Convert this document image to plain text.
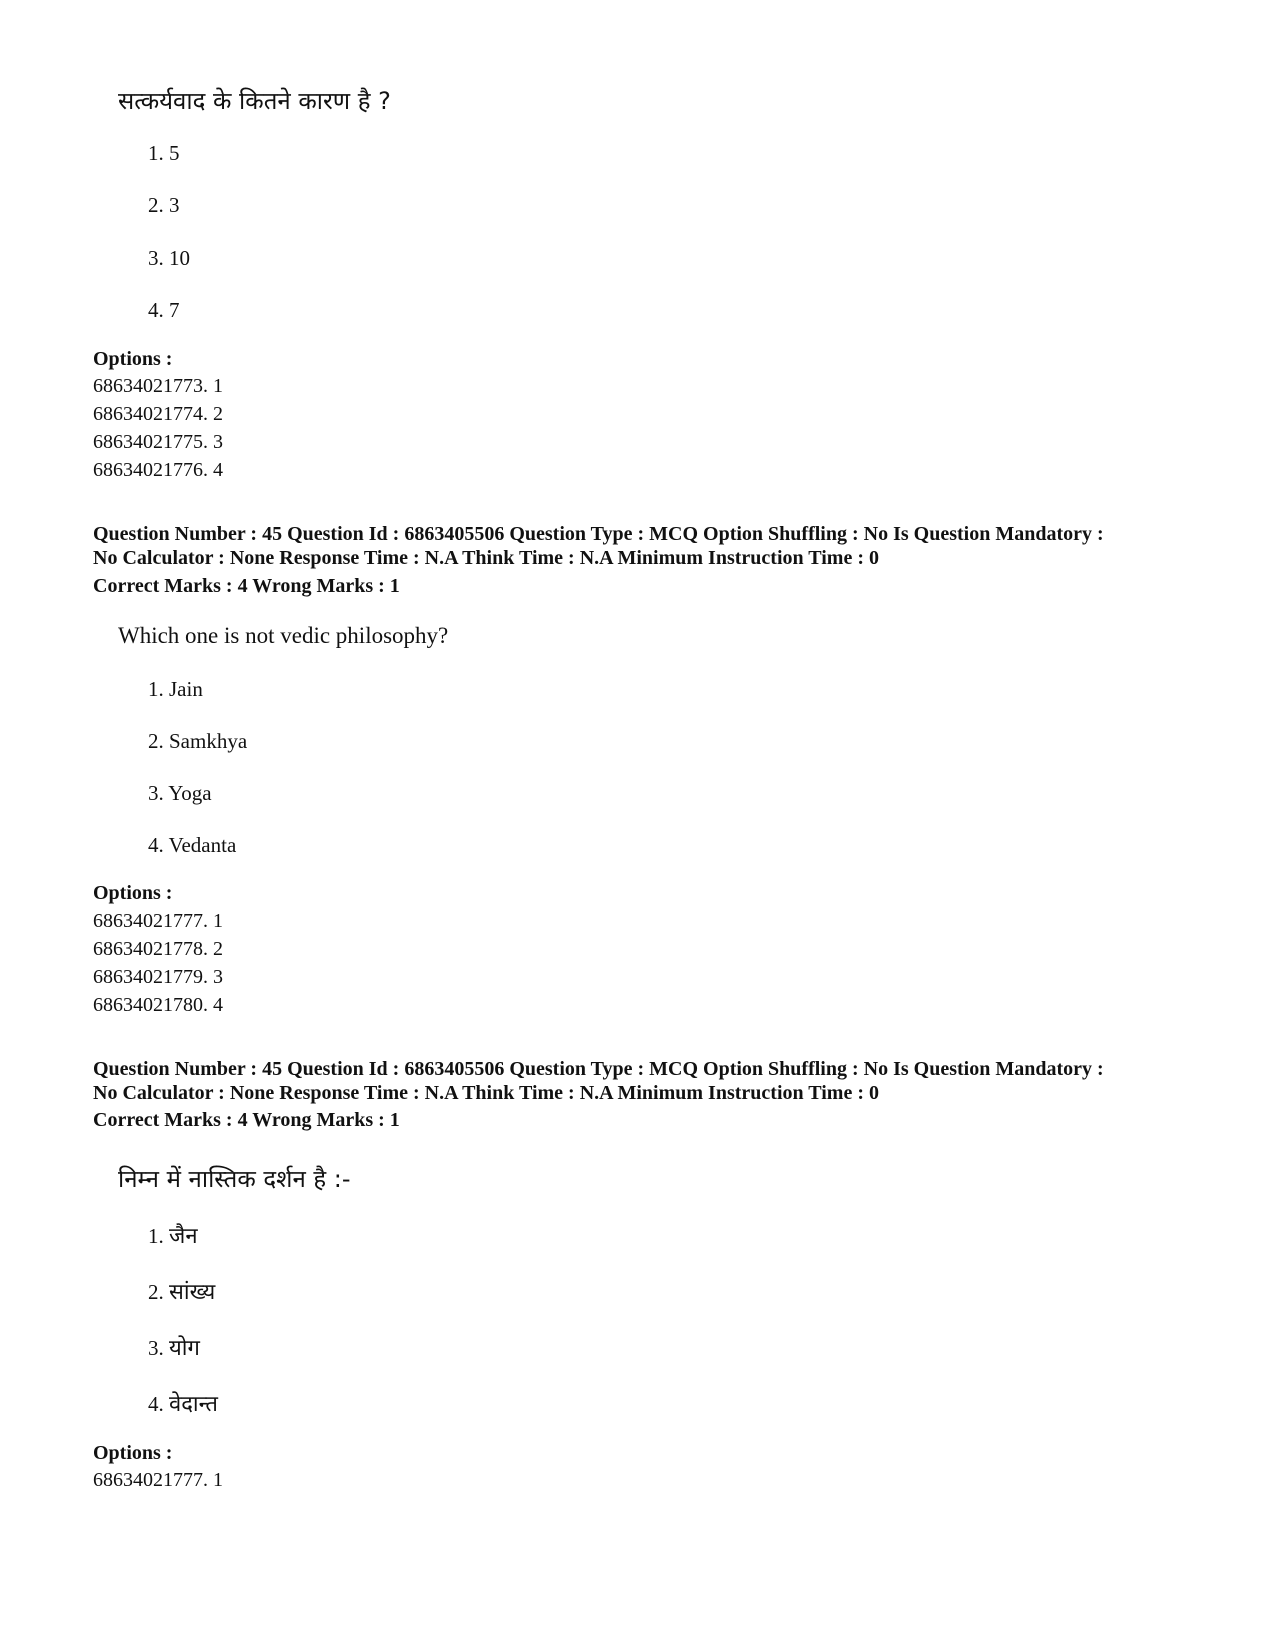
सत्कर्यवाद के कितने कारण है ?
1. 5
2. 3
3. 10
4. 7
Options :
68634021773. 1
68634021774. 2
68634021775. 3
68634021776. 4
Question Number : 45 Question Id : 6863405506 Question Type : MCQ Option Shuffling : No Is Question Mandatory :
No Calculator : None Response Time : N.A Think Time : N.A Minimum Instruction Time : 0
Correct Marks : 4 Wrong Marks : 1
Which one is not vedic philosophy?
1. Jain
2. Samkhya
3. Yoga
4. Vedanta
Options :
68634021777. 1
68634021778. 2
68634021779. 3
68634021780. 4
Question Number : 45 Question Id : 6863405506 Question Type : MCQ Option Shuffling : No Is Question Mandatory :
No Calculator : None Response Time : N.A Think Time : N.A Minimum Instruction Time : 0
Correct Marks : 4 Wrong Marks : 1
निम्न में नास्तिक दर्शन है :-
1. जैन
2. सांख्य
3. योग
4. वेदान्त
Options :
68634021777. 1
